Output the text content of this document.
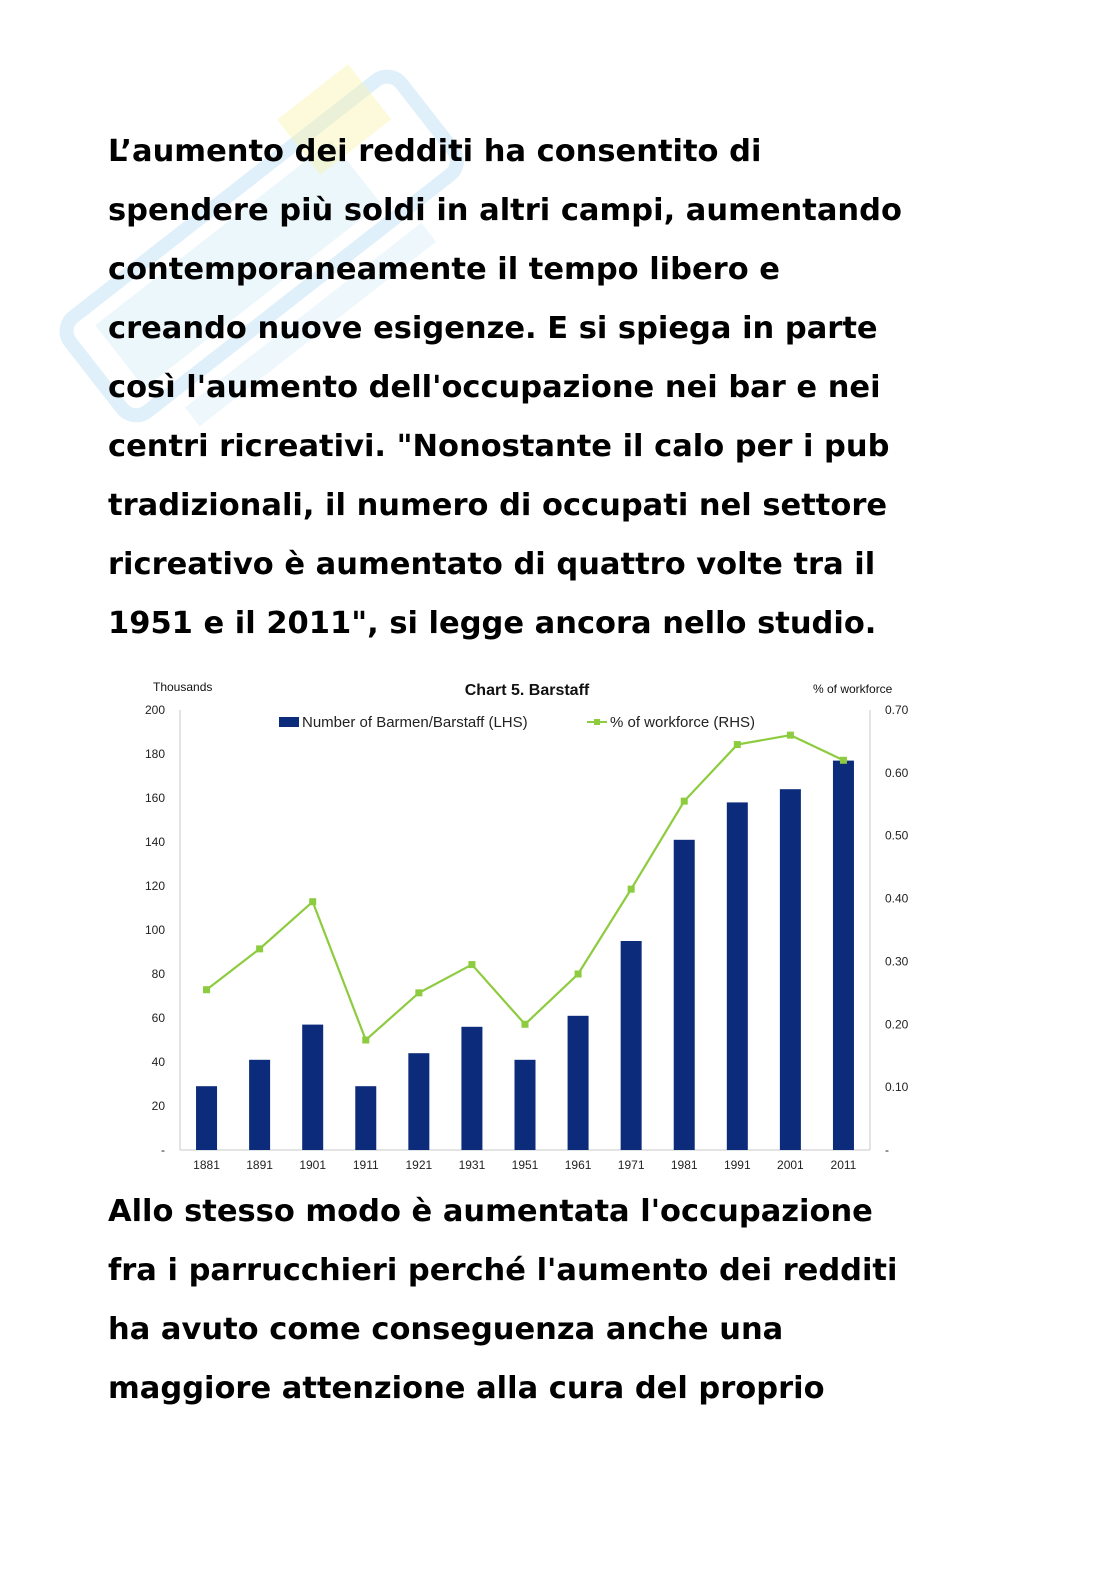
L’aumento dei redditi ha consentito di
spendere più soldi in altri campi, aumentando
contemporaneamente il tempo libero e
creando nuove esigenze. E si spiega in parte
così l'aumento dell'occupazione nei bar e nei
centri ricreativi. "Nonostante il calo per i pub
tradizionali, il numero di occupati nel settore
ricreativo è aumentato di quattro volte tra il
1951 e il 2011", si legge ancora nello studio.

Chart 5. Barstaff
Thousands	% of workforce
Number of Barmen/Barstaff (LHS)	% of workforce (RHS)
-
20
40
60
80
100
120
140
160
180
200
-
0.10
0.20
0.30
0.40
0.50
0.60
0.70
1881 1891 1901 1911 1921 1931 1951 1961 1971 1981 1991 2001 2011

Allo stesso modo è aumentata l'occupazione
fra i parrucchieri perché l'aumento dei redditi
ha avuto come conseguenza anche una
maggiore attenzione alla cura del proprio
